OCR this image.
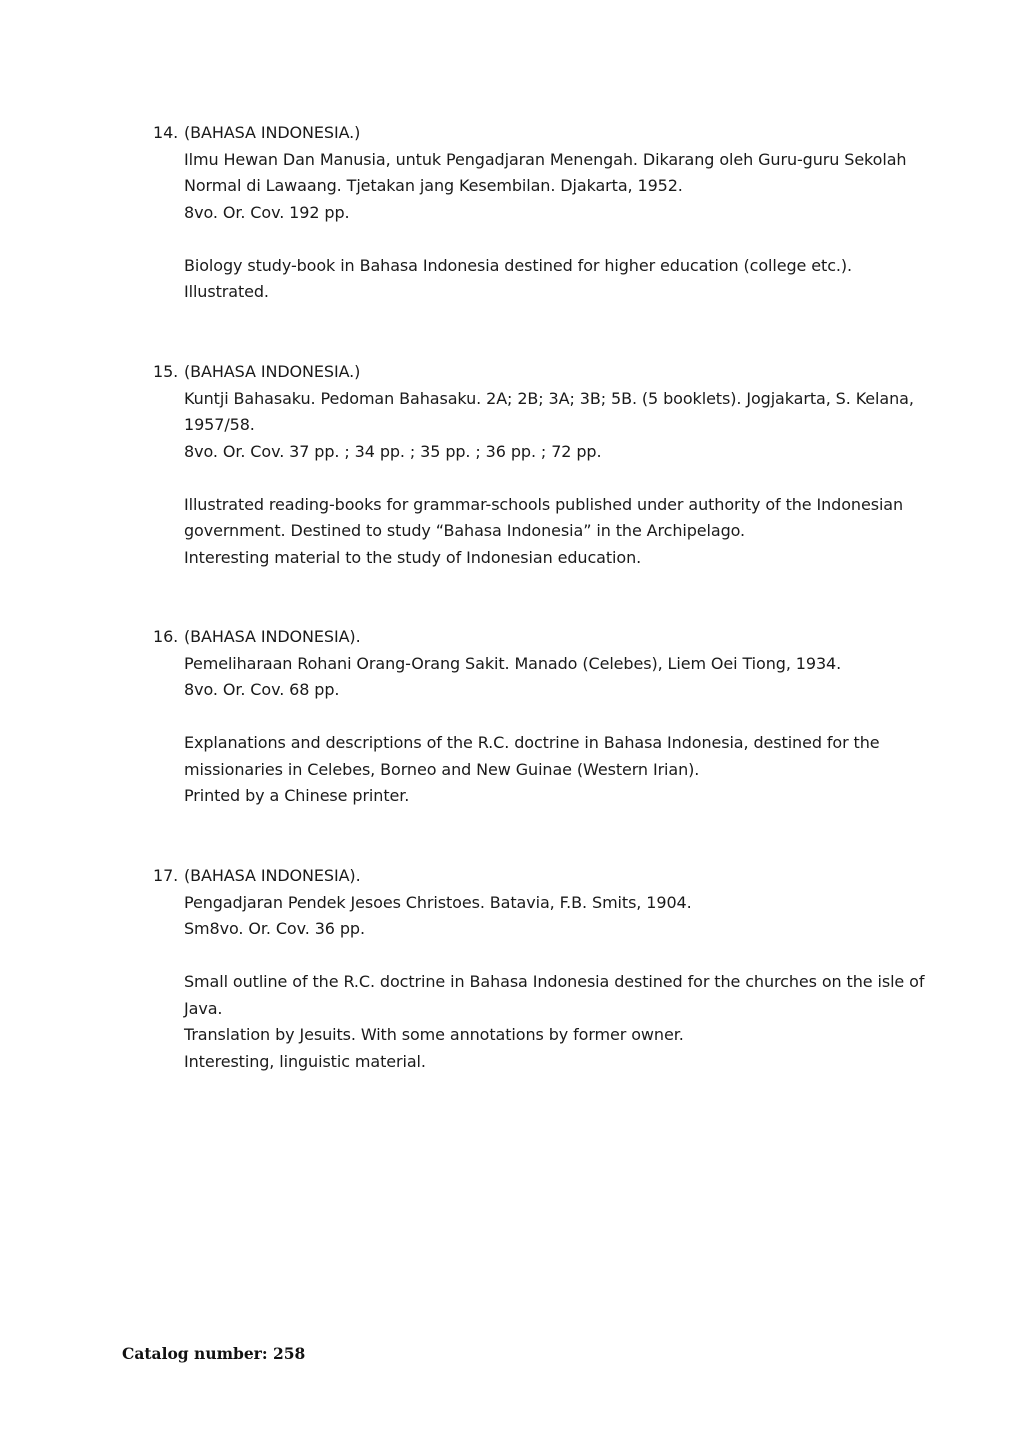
14. (BAHASA INDONESIA.)
Ilmu Hewan Dan Manusia, untuk Pengadjaran Menengah. Dikarang oleh Guru-guru Sekolah
Normal di Lawaang. Tjetakan jang Kesembilan. Djakarta, 1952.
8vo. Or. Cov. 192 pp.
Biology study-book in Bahasa Indonesia destined for higher education (college etc.).
Illustrated.
15. (BAHASA INDONESIA.)
Kuntji Bahasaku. Pedoman Bahasaku. 2A; 2B; 3A; 3B; 5B. (5 booklets). Jogjakarta, S. Kelana,
1957/58.
8vo. Or. Cov. 37 pp. ; 34 pp. ; 35 pp. ; 36 pp. ; 72 pp.
Illustrated reading-books for grammar-schools published under authority of the Indonesian
government. Destined to study “Bahasa Indonesia” in the Archipelago.
Interesting material to the study of Indonesian education.
16. (BAHASA INDONESIA).
Pemeliharaan Rohani Orang-Orang Sakit. Manado (Celebes), Liem Oei Tiong, 1934.
8vo. Or. Cov. 68 pp.
Explanations and descriptions of the R.C. doctrine in Bahasa Indonesia, destined for the
missionaries in Celebes, Borneo and New Guinae (Western Irian).
Printed by a Chinese printer.
17. (BAHASA INDONESIA).
Pengadjaran Pendek Jesoes Christoes. Batavia, F.B. Smits, 1904.
Sm8vo. Or. Cov. 36 pp.
Small outline of the R.C. doctrine in Bahasa Indonesia destined for the churches on the isle of
Java.
Translation by Jesuits. With some annotations by former owner.
Interesting, linguistic material.
Catalog number: 258
